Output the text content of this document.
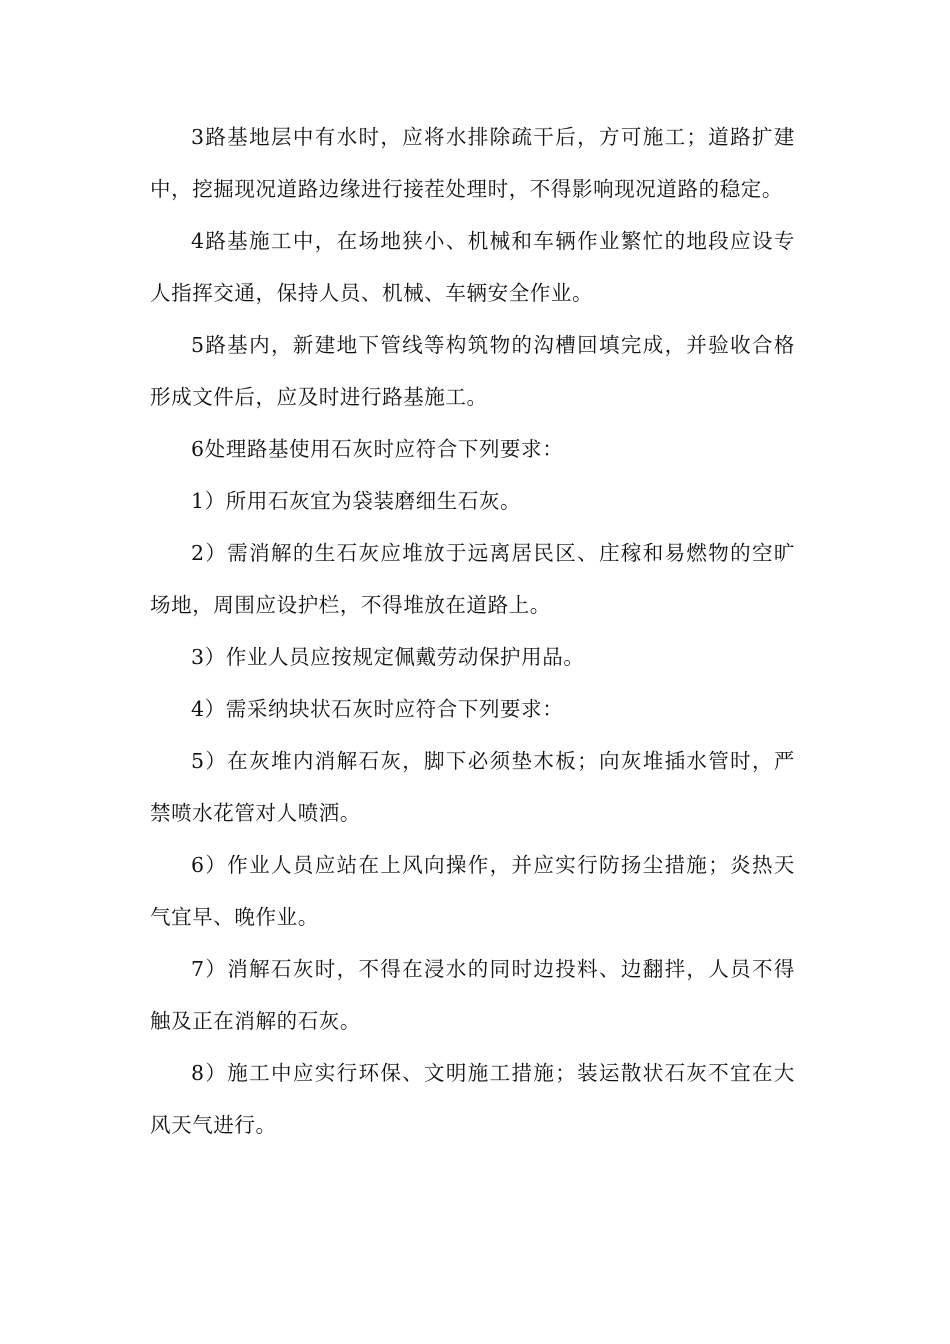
3路基地层中有水时，应将水排除疏干后，方可施工；道路扩建中，挖掘现况道路边缘进行接茬处理时，不得影响现况道路的稳定。

4路基施工中，在场地狭小、机械和车辆作业繁忙的地段应设专人指挥交通，保持人员、机械、车辆安全作业。

5路基内，新建地下管线等构筑物的沟槽回填完成，并验收合格形成文件后，应及时进行路基施工。

6处理路基使用石灰时应符合下列要求：

1）所用石灰宜为袋装磨细生石灰。

2）需消解的生石灰应堆放于远离居民区、庄稼和易燃物的空旷场地，周围应设护栏，不得堆放在道路上。

3）作业人员应按规定佩戴劳动保护用品。

4）需采纳块状石灰时应符合下列要求：

5）在灰堆内消解石灰，脚下必须垫木板；向灰堆插水管时，严禁喷水花管对人喷洒。

6）作业人员应站在上风向操作，并应实行防扬尘措施；炎热天气宜早、晚作业。

7）消解石灰时，不得在浸水的同时边投料、边翻拌，人员不得触及正在消解的石灰。

8）施工中应实行环保、文明施工措施；装运散状石灰不宜在大风天气进行。
